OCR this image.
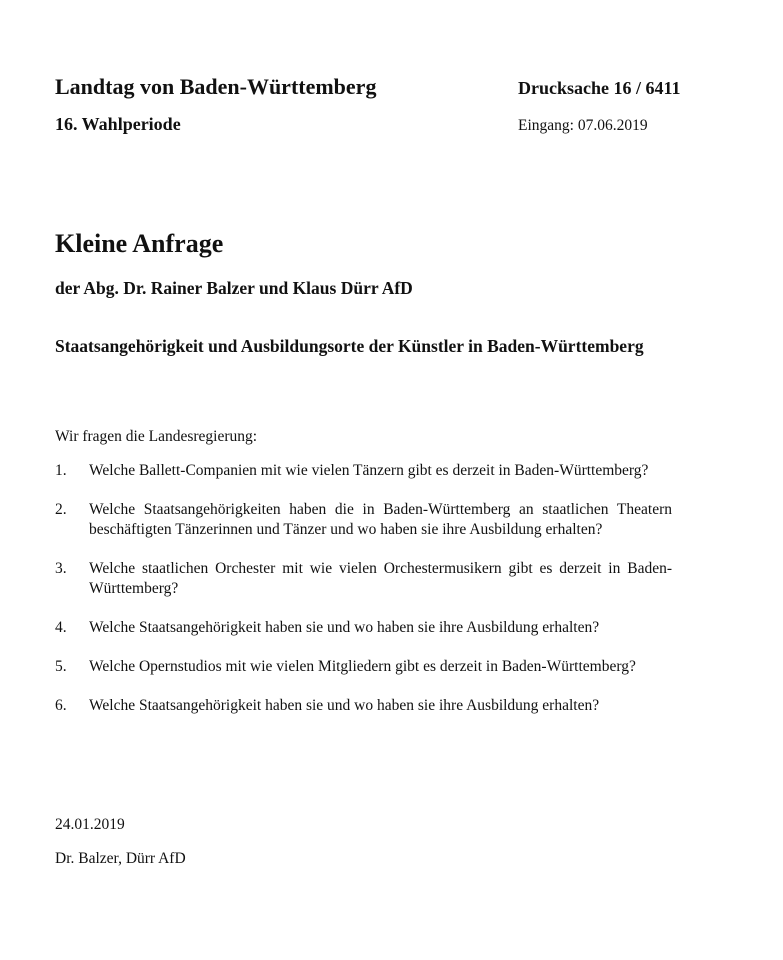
Landtag von Baden-Württemberg	Drucksache 16 / 6411
16. Wahlperiode	Eingang: 07.06.2019
Kleine Anfrage
der Abg. Dr. Rainer Balzer und Klaus Dürr AfD
Staatsangehörigkeit und Ausbildungsorte der Künstler in Baden-Württemberg
Wir fragen die Landesregierung:
1. Welche Ballett-Companien mit wie vielen Tänzern gibt es derzeit in Baden-Württemberg?
2. Welche Staatsangehörigkeiten haben die in Baden-Württemberg an staatlichen Theatern beschäftigten Tänzerinnen und Tänzer und wo haben sie ihre Ausbildung erhalten?
3. Welche staatlichen Orchester mit wie vielen Orchestermusikern gibt es derzeit in Baden-Württemberg?
4. Welche Staatsangehörigkeit haben sie und wo haben sie ihre Ausbildung erhalten?
5. Welche Opernstudios mit wie vielen Mitgliedern gibt es derzeit in Baden-Württemberg?
6. Welche Staatsangehörigkeit haben sie und wo haben sie ihre Ausbildung erhalten?
24.01.2019
Dr. Balzer, Dürr AfD
